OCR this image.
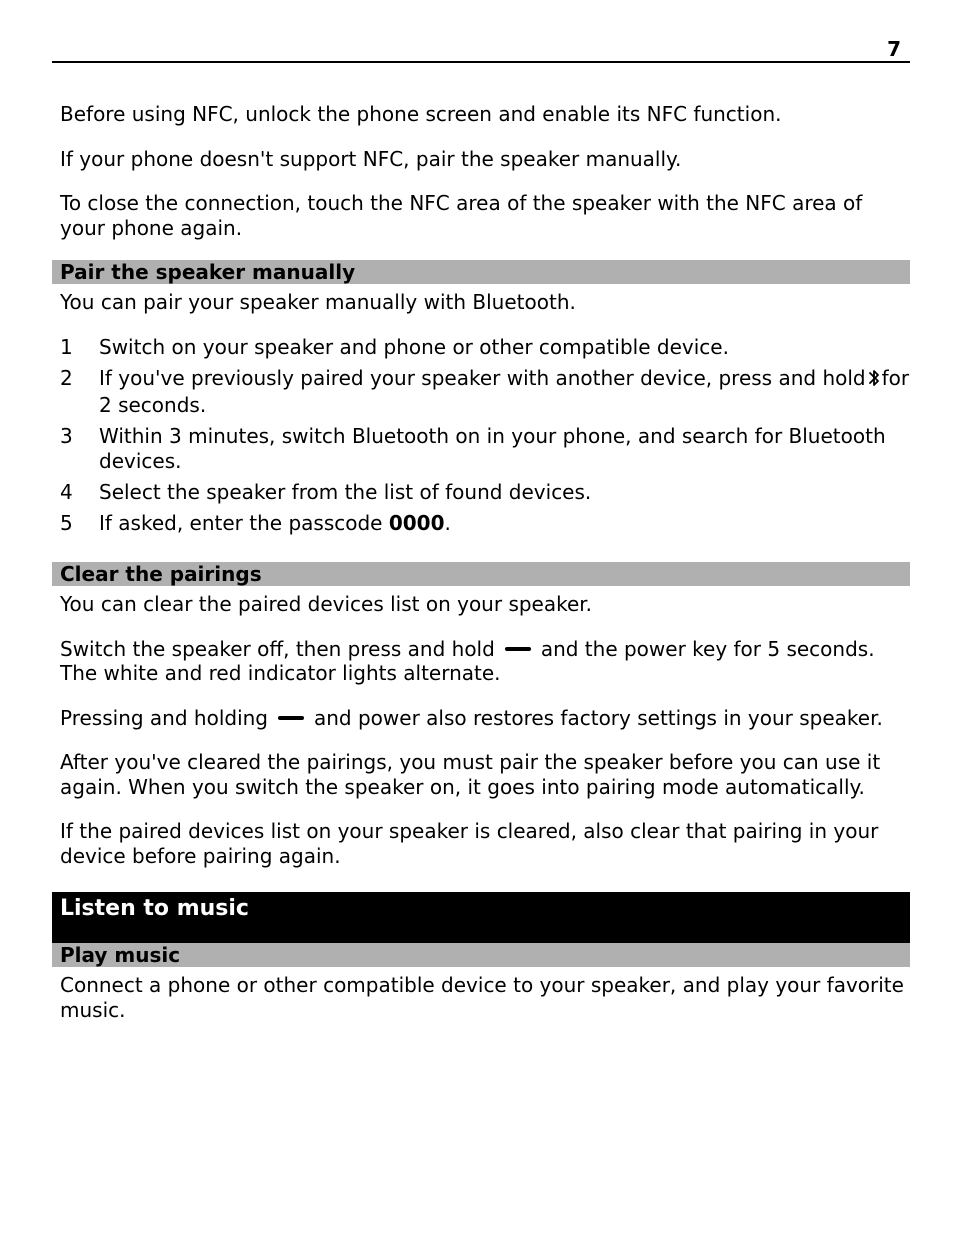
7

Before using NFC, unlock the phone screen and enable its NFC function.

If your phone doesn't support NFC, pair the speaker manually.

To close the connection, touch the NFC area of the speaker with the NFC area of your phone again.

Pair the speaker manually

You can pair your speaker manually with Bluetooth.

1	Switch on your speaker and phone or other compatible device.
2	If you've previously paired your speaker with another device, press and hold for 2 seconds.
3	Within 3 minutes, switch Bluetooth on in your phone, and search for Bluetooth devices.
4	Select the speaker from the list of found devices.
5	If asked, enter the passcode 0000.
Clear the pairings

You can clear the paired devices list on your speaker.

Switch the speaker off, then press and hold and the power key for 5 seconds. The white and red indicator lights alternate.

Pressing and holding and power also restores factory settings in your speaker.

After you've cleared the pairings, you must pair the speaker before you can use it again. When you switch the speaker on, it goes into pairing mode automatically.

If the paired devices list on your speaker is cleared, also clear that pairing in your device before pairing again.

Listen to music
Play music

Connect a phone or other compatible device to your speaker, and play your favorite music.
